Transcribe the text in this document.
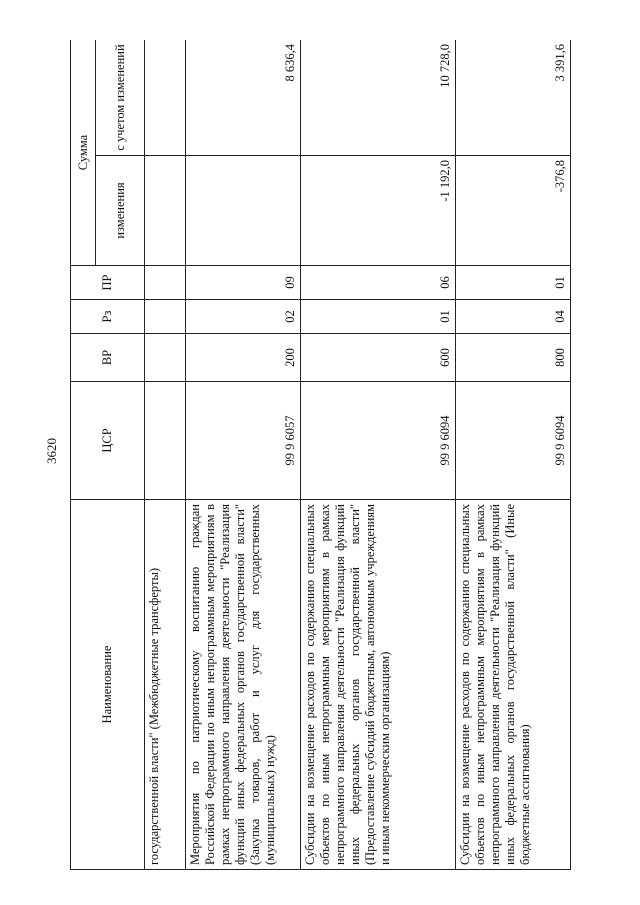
3620
Наименование	ЦСР	ВР	Рз	ПР	Сумма	
					изменения	с учетом изменений
государственной власти" (Межбюджетные трансферты)						
Мероприятия по патриотическому воспитанию граждан Российской Федерации по иным непрограммным мероприятиям в рамках непрограммного направления деятельности "Реализация функций иных федеральных органов государственной власти" (Закупка товаров, работ и услуг для государственных (муниципальных) нужд)	99 9 6057	200	02	09		8 636,4
Субсидии на возмещение расходов по содержанию специальных объектов по иным непрограммным мероприятиям в рамках непрограммного направления деятельности "Реализация функций иных федеральных органов государственной власти" (Предоставление субсидий бюджетным, автономным учреждениям и иным некоммерческим организациям)	99 9 6094	600	01	06	-1 192,0	10 728,0
Субсидии на возмещение расходов по содержанию специальных объектов по иным непрограммным мероприятиям в рамках непрограммного направления деятельности "Реализация функций иных федеральных органов государственной власти" (Иные бюджетные ассигнования)	99 9 6094	800	04	01	-376,8	3 391,6
